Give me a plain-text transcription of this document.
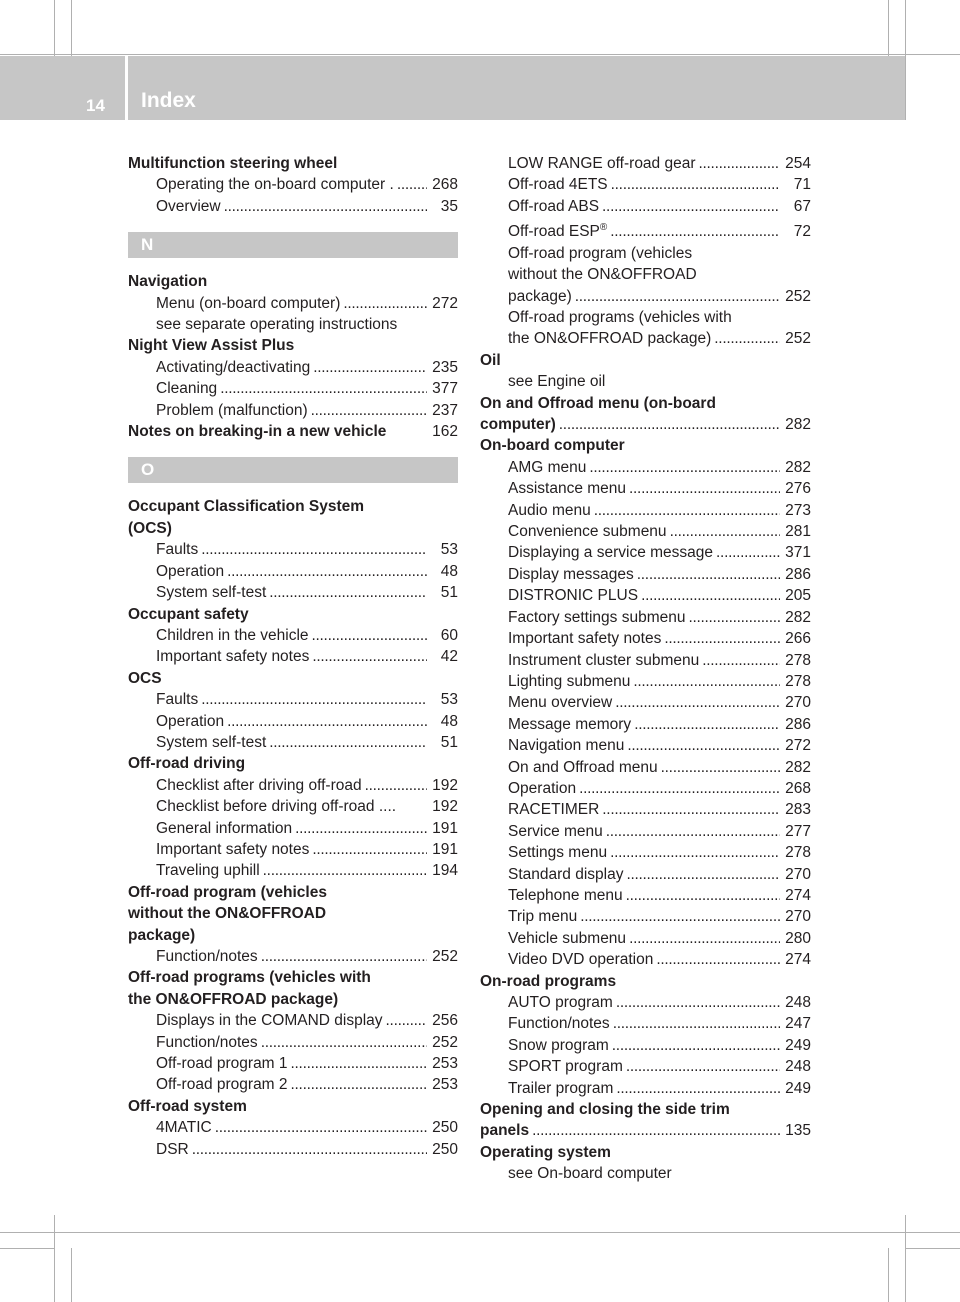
14 Index
Multifunction steering wheel
Operating the on-board computer . . . . 268
Overview . . .	35
N
Navigation
Menu (on-board computer) . . .	272
see separate operating instructions
Night View Assist Plus
Activating/deactivating . . .	235
Cleaning . . .	377
Problem (malfunction) . . .	237
Notes on breaking-in a new vehicle	162
O
Occupant Classification System
(OCS)
Faults . . .	53
Operation . . .	48
System self-test . . .	51
Occupant safety
Children in the vehicle . . .	60
Important safety notes . . .	42
OCS
Faults . . .	53
Operation . . .	48
System self-test . . .	51
Off-road driving
Checklist after driving off-road . . .	192
Checklist before driving off-road .... 192
General information . . .	191
Important safety notes . . .	191
Traveling uphill . . .	194
Off-road program (vehicles
without the ON&OFFROAD
package)
Function/notes . . .	252
Off-road programs (vehicles with
the ON&OFFROAD package)
Displays in the COMAND display . . .	256
Function/notes . . .	252
Off-road program 1 . . .	253
Off-road program 2 . . .	253
Off-road system
4MATIC . . .	250
DSR . . .	250
LOW RANGE off-road gear . . .	254
Off-road 4ETS . . .	71
Off-road ABS . . .	67
Off-road ESP® . . .	72
Off-road program (vehicles
without the ON&OFFROAD
package) . . .	252
Off-road programs (vehicles with
the ON&OFFROAD package) . . .	252
Oil
see Engine oil
On and Offroad menu (on-board
computer) . . .	282
On-board computer
AMG menu . . .	282
Assistance menu . . .	276
Audio menu . . .	273
Convenience submenu . . .	281
Displaying a service message . . .	371
Display messages . . .	286
DISTRONIC PLUS . . .	205
Factory settings submenu . . .	282
Important safety notes . . .	266
Instrument cluster submenu . . .	278
Lighting submenu . . .	278
Menu overview . . .	270
Message memory . . .	286
Navigation menu . . .	272
On and Offroad menu . . .	282
Operation . . .	268
RACETIMER . . .	283
Service menu . . .	277
Settings menu . . .	278
Standard display . . .	270
Telephone menu . . .	274
Trip menu . . .	270
Vehicle submenu . . .	280
Video DVD operation . . .	274
On-road programs
AUTO program . . .	248
Function/notes . . .	247
Snow program . . .	249
SPORT program . . .	248
Trailer program . . .	249
Opening and closing the side trim
panels . . .	135
Operating system
see On-board computer
